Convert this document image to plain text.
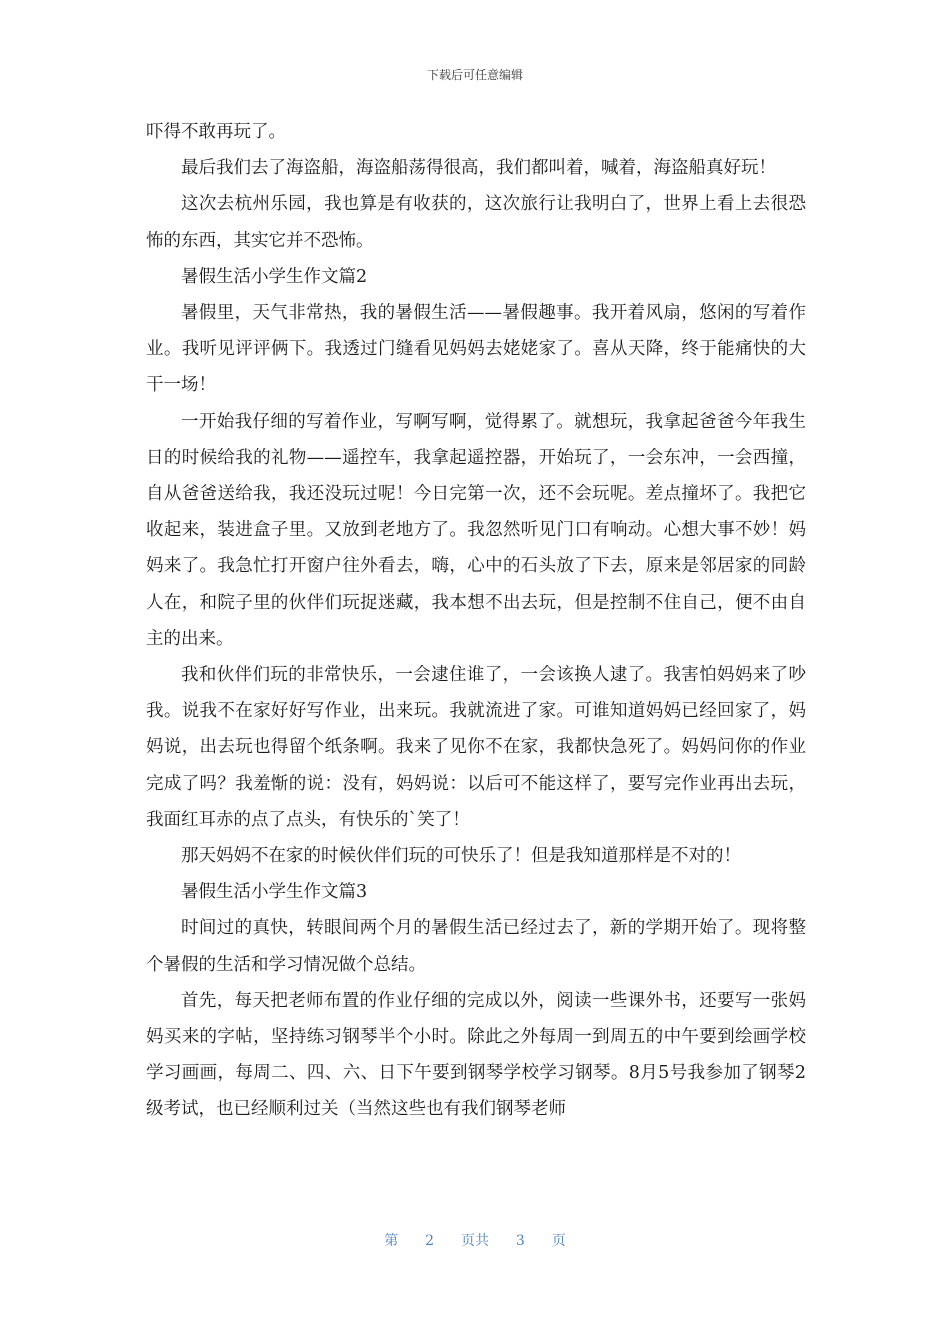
下载后可任意编辑

吓得不敢再玩了。

最后我们去了海盗船，海盗船荡得很高，我们都叫着，喊着，海盗船真好玩！

这次去杭州乐园，我也算是有收获的，这次旅行让我明白了，世界上看上去很恐怖的东西，其实它并不恐怖。

暑假生活小学生作文篇2

暑假里，天气非常热，我的暑假生活——暑假趣事。我开着风扇，悠闲的写着作业。我听见评评俩下。我透过门缝看见妈妈去姥姥家了。喜从天降，终于能痛快的大干一场！

一开始我仔细的写着作业，写啊写啊，觉得累了。就想玩，我拿起爸爸今年我生日的时候给我的礼物——遥控车，我拿起遥控器，开始玩了，一会东冲，一会西撞，自从爸爸送给我，我还没玩过呢！今日完第一次，还不会玩呢。差点撞坏了。我把它收起来，装进盒子里。又放到老地方了。我忽然听见门口有响动。心想大事不妙！妈妈来了。我急忙打开窗户往外看去，嗨，心中的石头放了下去，原来是邻居家的同龄人在，和院子里的伙伴们玩捉迷藏，我本想不出去玩，但是控制不住自己，便不由自主的出来。

我和伙伴们玩的非常快乐，一会逮住谁了，一会该换人逮了。我害怕妈妈来了吵我。说我不在家好好写作业，出来玩。我就流进了家。可谁知道妈妈已经回家了，妈妈说，出去玩也得留个纸条啊。我来了见你不在家，我都快急死了。妈妈问你的作业完成了吗？我羞惭的说：没有，妈妈说：以后可不能这样了，要写完作业再出去玩，我面红耳赤的点了点头，有快乐的`笑了！

那天妈妈不在家的时候伙伴们玩的可快乐了！但是我知道那样是不对的！

暑假生活小学生作文篇3

时间过的真快，转眼间两个月的暑假生活已经过去了，新的学期开始了。现将整个暑假的生活和学习情况做个总结。

首先，每天把老师布置的作业仔细的完成以外，阅读一些课外书，还要写一张妈妈买来的字帖，坚持练习钢琴半个小时。除此之外每周一到周五的中午要到绘画学校学习画画，每周二、四、六、日下午要到钢琴学校学习钢琴。8月5号我参加了钢琴2级考试，也已经顺利过关（当然这些也有我们钢琴老师

第 2 页共 3 页
